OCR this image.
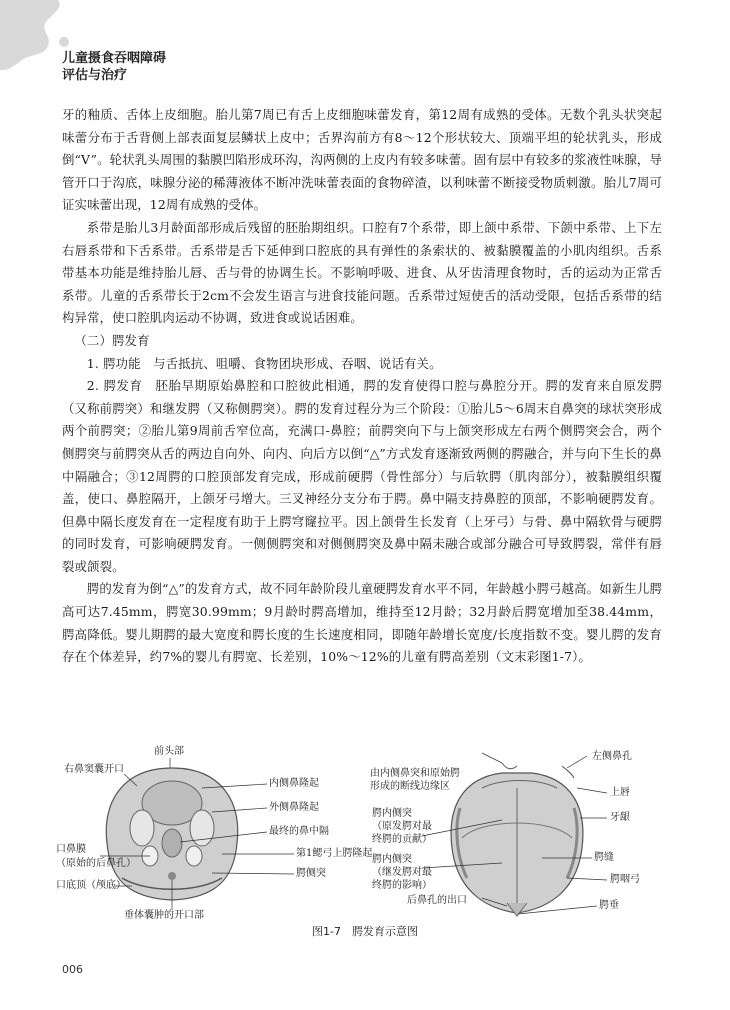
儿童摄食吞咽障碍
评估与治疗

牙的釉质、舌体上皮细胞。胎儿第7周已有舌上皮细胞味蕾发育，第12周有成熟的受体。无数个乳头状突起味蕾分布于舌背侧上部表面复层鳞状上皮中；舌界沟前方有8～12个形状较大、顶端平坦的轮状乳头，形成倒“V”。轮状乳头周围的黏膜凹陷形成环沟，沟两侧的上皮内有较多味蕾。固有层中有较多的浆液性味腺，导管开口于沟底，味腺分泌的稀薄液体不断冲洗味蕾表面的食物碎渣，以利味蕾不断接受物质刺激。胎儿7周可证实味蕾出现，12周有成熟的受体。

系带是胎儿3月龄面部形成后残留的胚胎期组织。口腔有7个系带，即上颌中系带、下颌中系带、上下左右唇系带和下舌系带。舌系带是舌下延伸到口腔底的具有弹性的条索状的、被黏膜覆盖的小肌肉组织。舌系带基本功能是维持胎儿唇、舌与骨的协调生长。不影响呼吸、进食、从牙齿清理食物时，舌的运动为正常舌系带。儿童的舌系带长于2cm不会发生语言与进食技能问题。舌系带过短使舌的活动受限，包括舌系带的结构异常，使口腔肌肉运动不协调，致进食或说话困难。

（二）腭发育

1. 腭功能　与舌抵抗、咀嚼、食物团块形成、吞咽、说话有关。

2. 腭发育　胚胎早期原始鼻腔和口腔彼此相通，腭的发育使得口腔与鼻腔分开。腭的发育来自原发腭（又称前腭突）和继发腭（又称侧腭突）。腭的发育过程分为三个阶段：①胎儿5～6周末自鼻突的球状突形成两个前腭突；②胎儿第9周前舌窄位高，充满口-鼻腔；前腭突向下与上颌突形成左右两个侧腭突会合，两个侧腭突与前腭突从舌的两边自向外、向内、向后方以倒“△”方式发育逐渐致两侧的腭融合，并与向下生长的鼻中隔融合；③12周腭的口腔顶部发育完成，形成前硬腭（骨性部分）与后软腭（肌肉部分），被黏膜组织覆盖，使口、鼻腔隔开，上颌牙弓增大。三叉神经分支分布于腭。鼻中隔支持鼻腔的顶部，不影响硬腭发育。但鼻中隔长度发育在一定程度有助于上腭穹窿拉平。因上颌骨生长发育（上牙弓）与骨、鼻中隔软骨与硬腭的同时发育，可影响硬腭发育。一侧侧腭突和对侧侧腭突及鼻中隔未融合或部分融合可导致腭裂，常伴有唇裂或颌裂。

腭的发育为倒“△”的发育方式，故不同年龄阶段儿童硬腭发育水平不同，年龄越小腭弓越高。如新生儿腭高可达7.45mm，腭宽30.99mm；9月龄时腭高增加，维持至12月龄；32月龄后腭宽增加至38.44mm，腭高降低。婴儿期腭的最大宽度和腭长度的生长速度相同，即随年龄增长宽度/长度指数不变。婴儿腭的发育存在个体差异，约7%的婴儿有腭宽、长差别，10%～12%的儿童有腭高差别（文末彩图1-7）。

前头部
右鼻窦囊开口
内侧鼻隆起
外侧鼻隆起
最终的鼻中隔
第1鳃弓上腭隆起
口鼻膜
（原始的后鼻孔）
腭侧突
口底顶（颅底）
垂体囊肿的开口部
由内侧鼻突和原始腭
形成的断线边缘区
左侧鼻孔
上唇
牙龈
腭内侧突
（原发腭对最
终腭的贡献）
腭缝
腭内侧突
（继发腭对最
终腭的影响）
腭咽弓
后鼻孔的出口	腭垂
图1-7　腭发育示意图
006
